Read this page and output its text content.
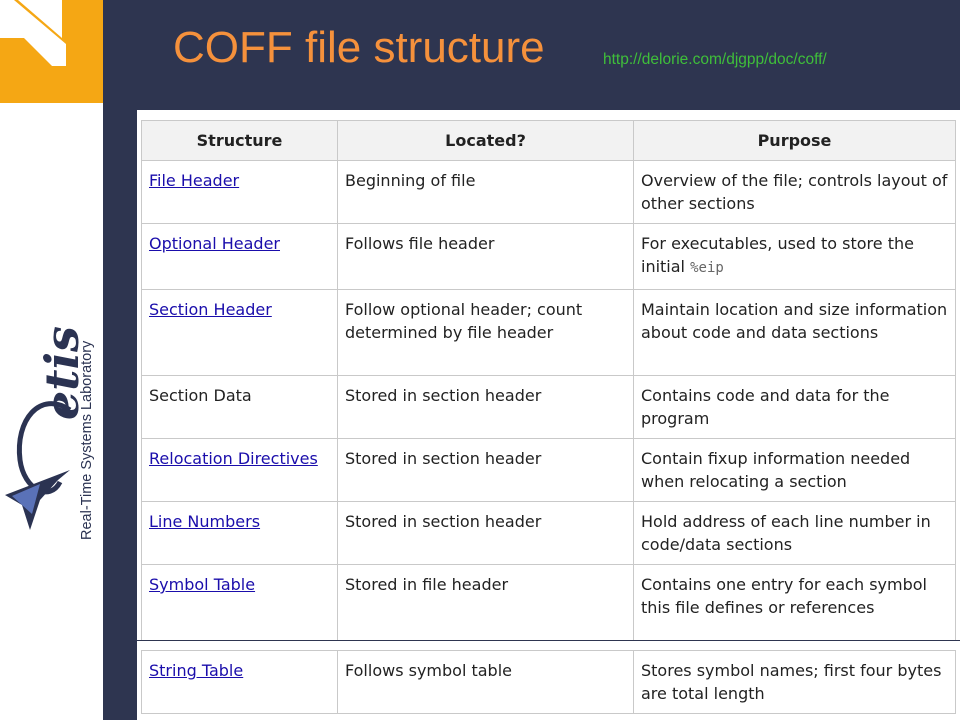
etis
Real-Time Systems Laboratory
COFF file structure	http://delorie.com/djgpp/doc/coff/
Structure	Located?	Purpose
File Header	Beginning of file	Overview of the file; controls layout of other sections
Optional Header	Follows file header	For executables, used to store the initial %eip
Section Header	Follow optional header; count determined by file header	Maintain location and size information about code and data sections
Section Data	Stored in section header	Contains code and data for the program
Relocation Directives	Stored in section header	Contain fixup information needed when relocating a section
Line Numbers	Stored in section header	Hold address of each line number in code/data sections
Symbol Table	Stored in file header	Contains one entry for each symbol this file defines or references
String Table	Follows symbol table	Stores symbol names; first four bytes are total length
